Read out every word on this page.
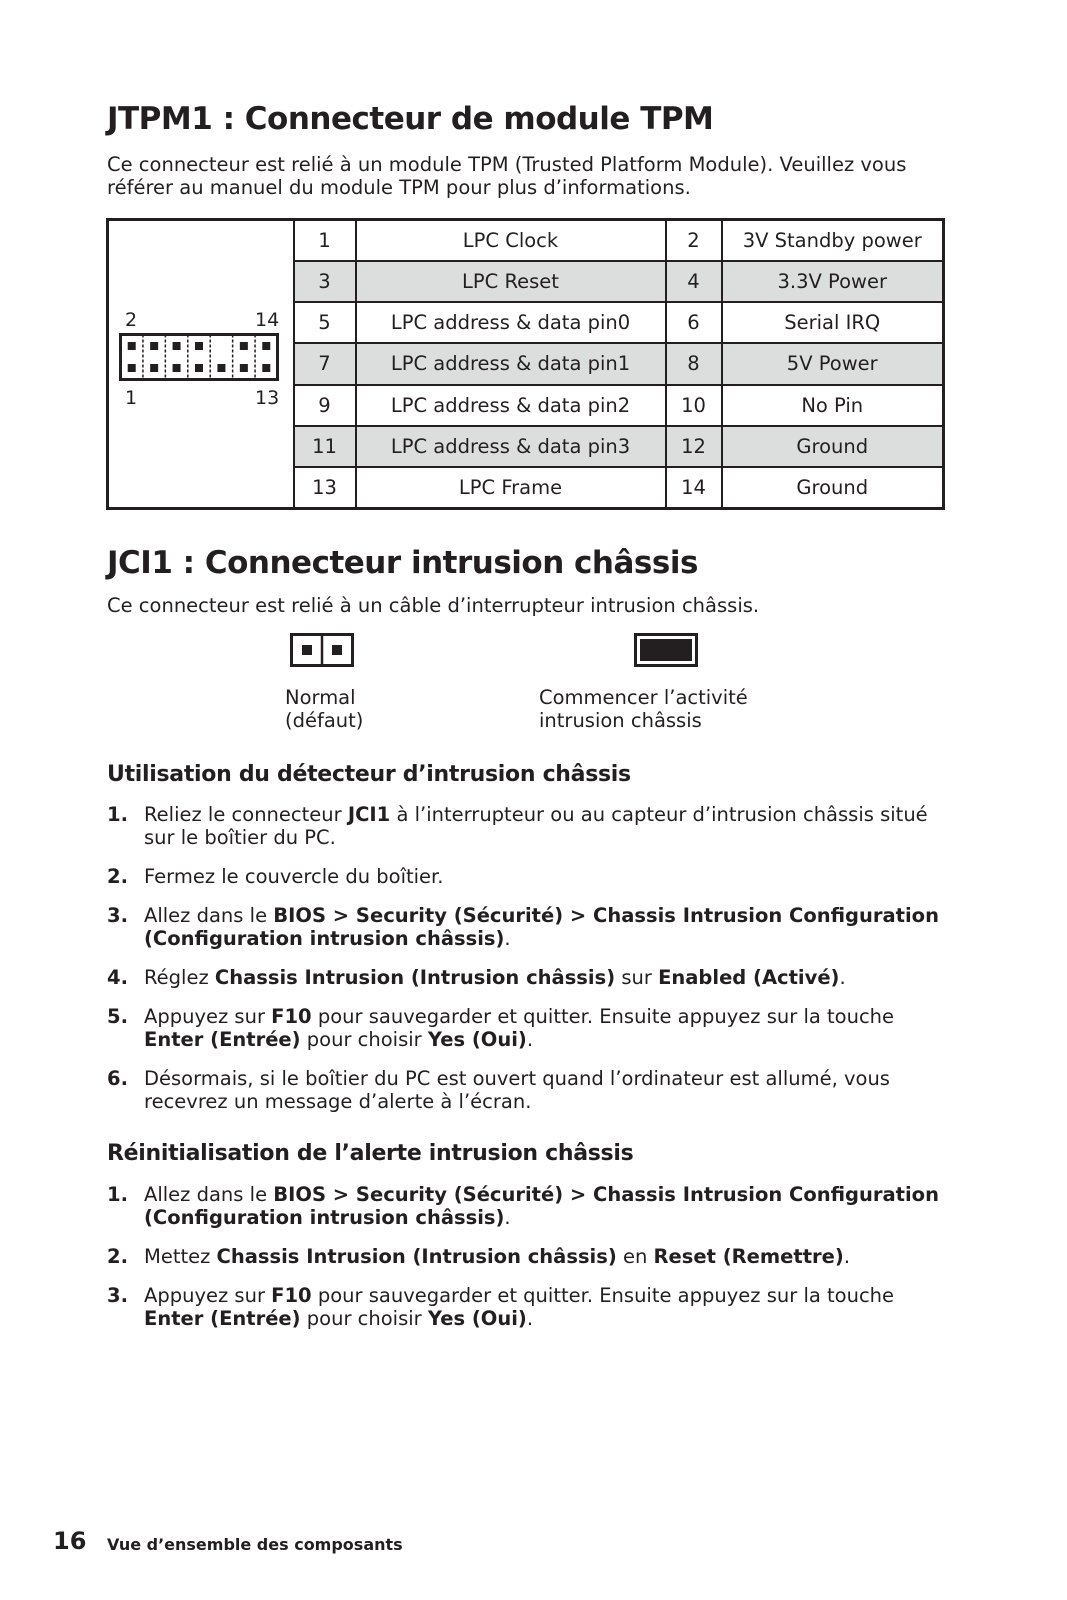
JTPM1 : Connecteur de module TPM

Ce connecteur est relié à un module TPM (Trusted Platform Module). Veuillez vous référer au manuel du module TPM pour plus d’informations.

2 14
1 13	1	LPC Clock	2	3V Standby power
	3	LPC Reset	4	3.3V Power
	5	LPC address & data pin0	6	Serial IRQ
	7	LPC address & data pin1	8	5V Power
	9	LPC address & data pin2	10	No Pin
	11	LPC address & data pin3	12	Ground
	13	LPC Frame	14	Ground
JCI1 : Connecteur intrusion châssis

Ce connecteur est relié à un câble d’interrupteur intrusion châssis.

Normal
(défaut)
Commencer l’activité
intrusion châssis
Utilisation du détecteur d’intrusion châssis
1. Reliez le connecteur JCI1 à l’interrupteur ou au capteur d’intrusion châssis situé sur le boîtier du PC.
2. Fermez le couvercle du boîtier.
3. Allez dans le BIOS > Security (Sécurité) > Chassis Intrusion Configuration (Configuration intrusion châssis).
4. Réglez Chassis Intrusion (Intrusion châssis) sur Enabled (Activé).
5. Appuyez sur F10 pour sauvegarder et quitter. Ensuite appuyez sur la touche Enter (Entrée) pour choisir Yes (Oui).
6. Désormais, si le boîtier du PC est ouvert quand l’ordinateur est allumé, vous recevrez un message d’alerte à l’écran.
Réinitialisation de l’alerte intrusion châssis
1. Allez dans le BIOS > Security (Sécurité) > Chassis Intrusion Configuration (Configuration intrusion châssis).
2. Mettez Chassis Intrusion (Intrusion châssis) en Reset (Remettre).
3. Appuyez sur F10 pour sauvegarder et quitter. Ensuite appuyez sur la touche Enter (Entrée) pour choisir Yes (Oui).
16 Vue d’ensemble des composants
